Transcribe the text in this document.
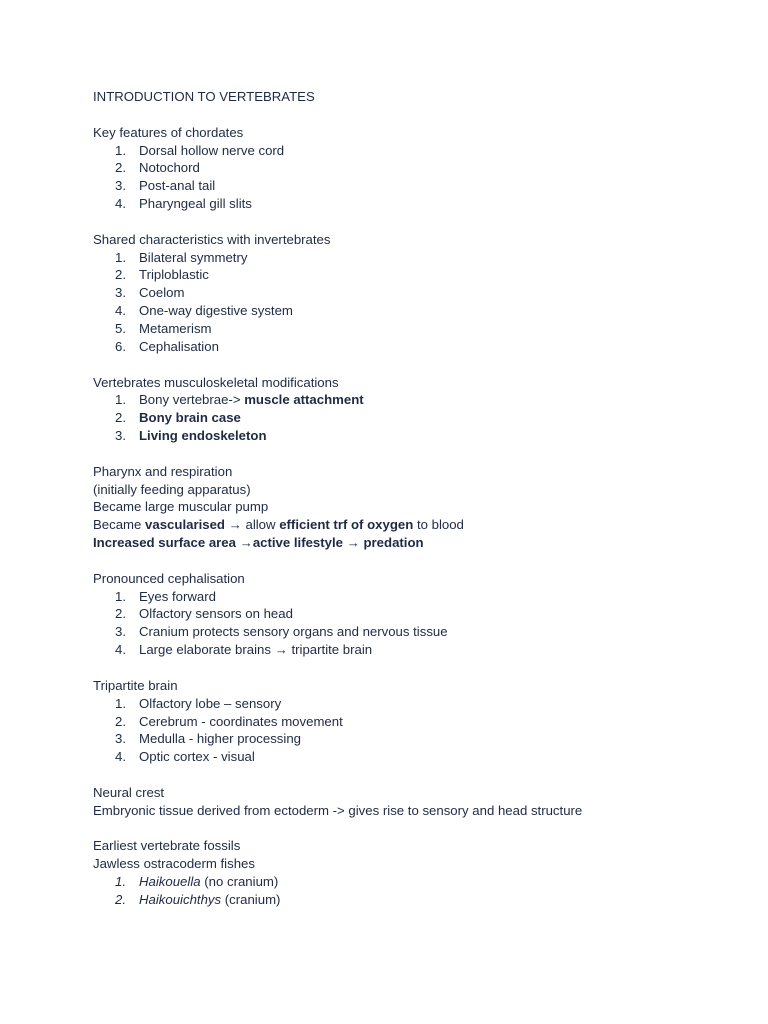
INTRODUCTION TO VERTEBRATES
Key features of chordates
1. Dorsal hollow nerve cord
2. Notochord
3. Post-anal tail
4. Pharyngeal gill slits
Shared characteristics with invertebrates
1. Bilateral symmetry
2. Triploblastic
3. Coelom
4. One-way digestive system
5. Metamerism
6. Cephalisation
Vertebrates musculoskeletal modifications
1. Bony vertebrae-> muscle attachment
2. Bony brain case
3. Living endoskeleton
Pharynx and respiration
(initially feeding apparatus)
Became large muscular pump
Became vascularised → allow efficient trf of oxygen to blood
Increased surface area →active lifestyle → predation
Pronounced cephalisation
1. Eyes forward
2. Olfactory sensors on head
3. Cranium protects sensory organs and nervous tissue
4. Large elaborate brains → tripartite brain
Tripartite brain
1. Olfactory lobe – sensory
2. Cerebrum - coordinates movement
3. Medulla - higher processing
4. Optic cortex - visual
Neural crest
Embryonic tissue derived from ectoderm -> gives rise to sensory and head structure
Earliest vertebrate fossils
Jawless ostracoderm fishes
1. Haikouella (no cranium)
2. Haikouichthys (cranium)
